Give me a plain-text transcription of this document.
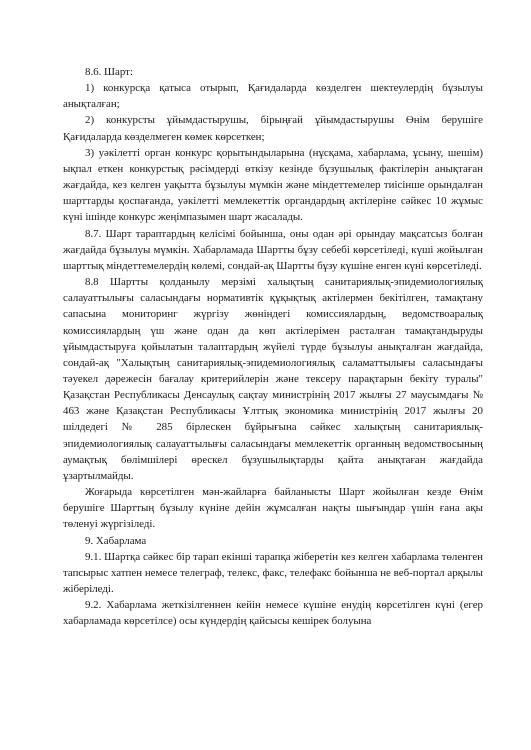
8.6. Шарт:

1) конкурсқа қатыса отырып, Қағидаларда көзделген шектеулердің бұзылуы анықталған;

2) конкурсты ұйымдастырушы, бірыңғай ұйымдастырушы Өнім берушіге Қағидаларда көзделмеген көмек көрсеткен;

3) уәкілетті орган конкурс қорытындыларына (нұсқама, хабарлама, ұсыну, шешім) ықпал еткен конкурстық рәсімдерді өткізу кезінде бұзушылық фактілерін анықтаған жағдайда, кез келген уақытта бұзылуы мүмкін және міндеттемелер тиісінше орындалған шарттарды қоспағанда, уәкілетті мемлекеттік органдардың актілеріне сәйкес 10 жұмыс күні ішінде конкурс жеңімпазымен шарт жасалады.

8.7. Шарт тараптардың келісімі бойынша, оны одан әрі орындау мақсатсыз болған жағдайда бұзылуы мүмкін. Хабарламада Шартты бұзу себебі көрсетіледі, күші жойылған шарттық міндеттемелердің көлемі, сондай-ақ Шартты бұзу күшіне енген күні көрсетіледі.

8.8 Шартты қолданылу мерзімі халықтың санитариялық-эпидемиологиялық салауаттылығы саласындағы нормативтік құқықтық актілермен бекітілген, тамақтану сапасына мониторинг жүргізу жөніндегі комиссиялардың, ведомствоаралық комиссиялардың үш және одан да көп актілерімен расталған тамақтандыруды ұйымдастыруға қойылатын талаптардың жүйелі түрде бұзылуы анықталған жағдайда, сондай-ақ "Халықтың санитариялық-эпидемиологиялық саламаттылығы саласындағы тәуекел дәрежесін бағалау критерийлерін және тексеру парақтарын бекіту туралы" Қазақстан Республикасы Денсаулық сақтау министрінің 2017 жылғы 27 маусымдағы № 463 және Қазақстан Республикасы Ұлттық экономика министрінің 2017 жылғы 20 шілдедегі № 285 бірлескен бұйрығына сәйкес халықтың санитариялық-эпидемиологиялық салауаттылығы саласындағы мемлекеттік органның ведомствосының аумақтық бөлімшілері өрескел бұзушылықтарды қайта анықтаған жағдайда ұзартылмайды.

Жоғарыда көрсетілген мән-жайларға байланысты Шарт жойылған кезде Өнім берушіге Шарттың бұзылу күніне дейін жұмсалған нақты шығындар үшін ғана ақы төленуі жүргізіледі.

9. Хабарлама

9.1. Шартқа сәйкес бір тарап екінші тарапқа жіберетін кез келген хабарлама төленген тапсырыс хатпен немесе телеграф, телекс, факс, телефакс бойынша не веб-портал арқылы жіберіледі.

9.2. Хабарлама жеткізілгеннен кейін немесе күшіне енудің көрсетілген күні (егер хабарламада көрсетілсе) осы күндердің қайсысы кешірек болуына
